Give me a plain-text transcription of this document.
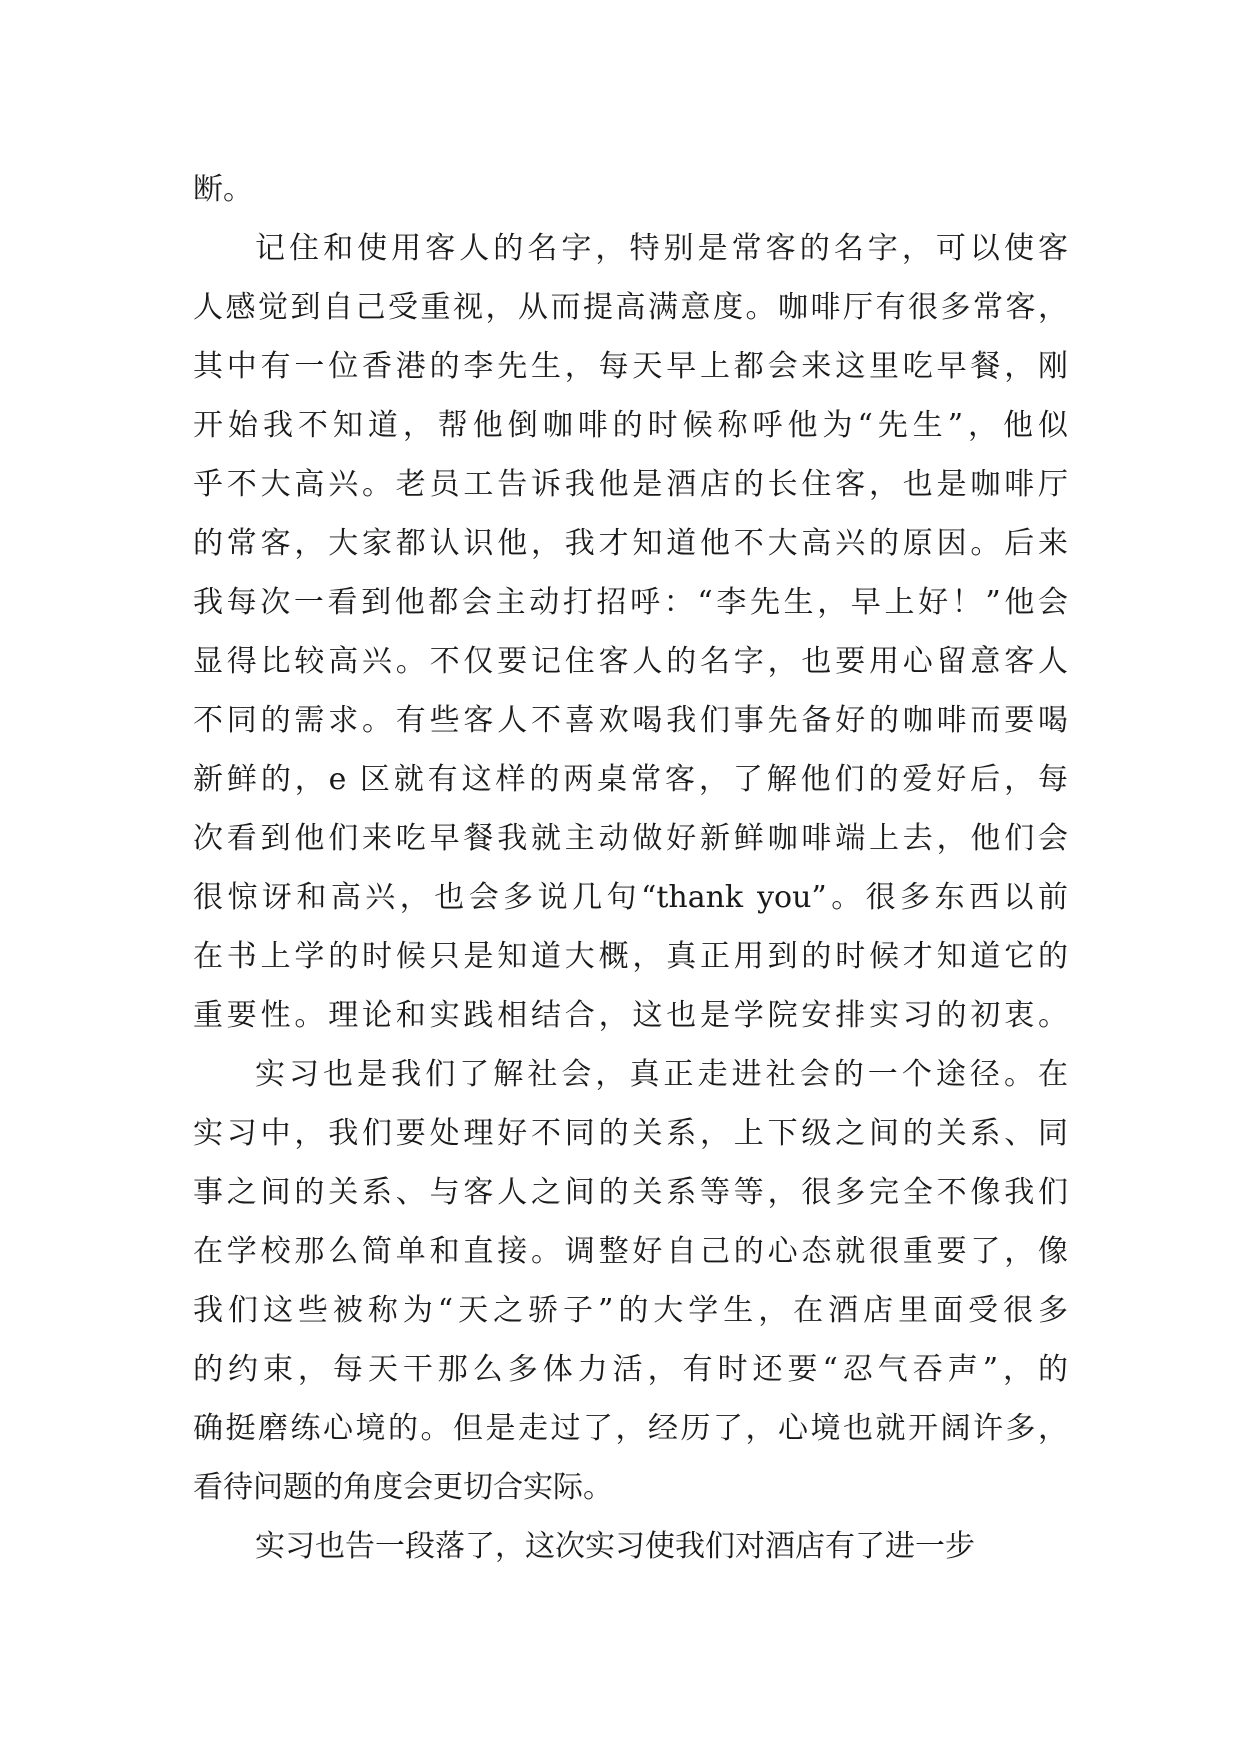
断。
记住和使用客人的名字，特别是常客的名字，可以使客
人感觉到自己受重视，从而提高满意度。咖啡厅有很多常客，
其中有一位香港的李先生，每天早上都会来这里吃早餐，刚
开始我不知道，帮他倒咖啡的时候称呼他为“先生”，他似
乎不大高兴。老员工告诉我他是酒店的长住客，也是咖啡厅
的常客，大家都认识他，我才知道他不大高兴的原因。后来
我每次一看到他都会主动打招呼：“李先生，早上好！”他会
显得比较高兴。不仅要记住客人的名字，也要用心留意客人
不同的需求。有些客人不喜欢喝我们事先备好的咖啡而要喝
新鲜的，e 区就有这样的两桌常客，了解他们的爱好后，每
次看到他们来吃早餐我就主动做好新鲜咖啡端上去，他们会
很惊讶和高兴，也会多说几句“thank you”。很多东西以前
在书上学的时候只是知道大概，真正用到的时候才知道它的
重要性。理论和实践相结合，这也是学院安排实习的初衷。
实习也是我们了解社会，真正走进社会的一个途径。在
实习中，我们要处理好不同的关系，上下级之间的关系、同
事之间的关系、与客人之间的关系等等，很多完全不像我们
在学校那么简单和直接。调整好自己的心态就很重要了，像
我们这些被称为“天之骄子”的大学生，在酒店里面受很多
的约束，每天干那么多体力活，有时还要“忍气吞声”，的
确挺磨练心境的。但是走过了，经历了，心境也就开阔许多，
看待问题的角度会更切合实际。
实习也告一段落了，这次实习使我们对酒店有了进一步
